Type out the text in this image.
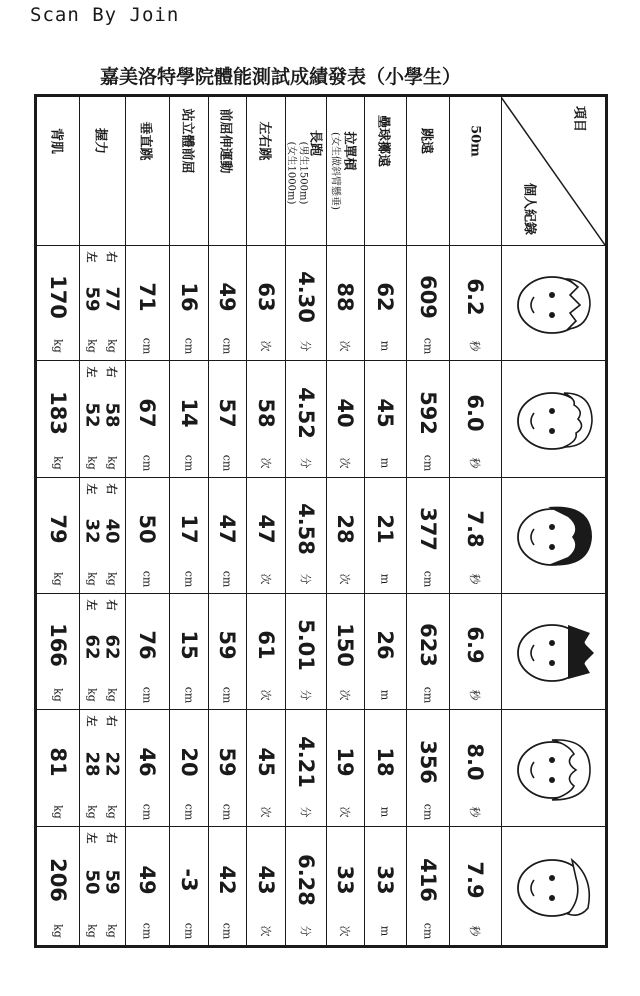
Scan By Join
嘉美洛特學院體能測試成績發表（小學生）
項目
個人紀錄
50m
跳遠
壘球擲遠
拉單槓
(女生做斜臂懸垂)
長跑
(男生1500m)
(女生1000m)
左右跳
前屈伸運動
站立體前屈
垂直跳
握力
背肌
6.2
秒
609
cm
62
m
88
次
4.30
分
63
次
49
cm
16
cm
71
cm
右
左
77
59
kg
kg
170
kg
6.0
秒
592
cm
45
m
40
次
4.52
分
58
次
57
cm
14
cm
67
cm
右
左
58
52
kg
kg
183
kg
7.8
秒
377
cm
21
m
28
次
4.58
分
47
次
47
cm
17
cm
50
cm
右
左
40
32
kg
kg
79
kg
6.9
秒
623
cm
26
m
150
次
5.01
分
61
次
59
cm
15
cm
76
cm
右
左
62
62
kg
kg
166
kg
8.0
秒
356
cm
18
m
19
次
4.21
分
45
次
59
cm
20
cm
46
cm
右
左
22
28
kg
kg
81
kg
7.9
秒
416
cm
33
m
33
次
6.28
分
43
次
42
cm
-3
cm
49
cm
右
左
59
50
kg
kg
206
kg
